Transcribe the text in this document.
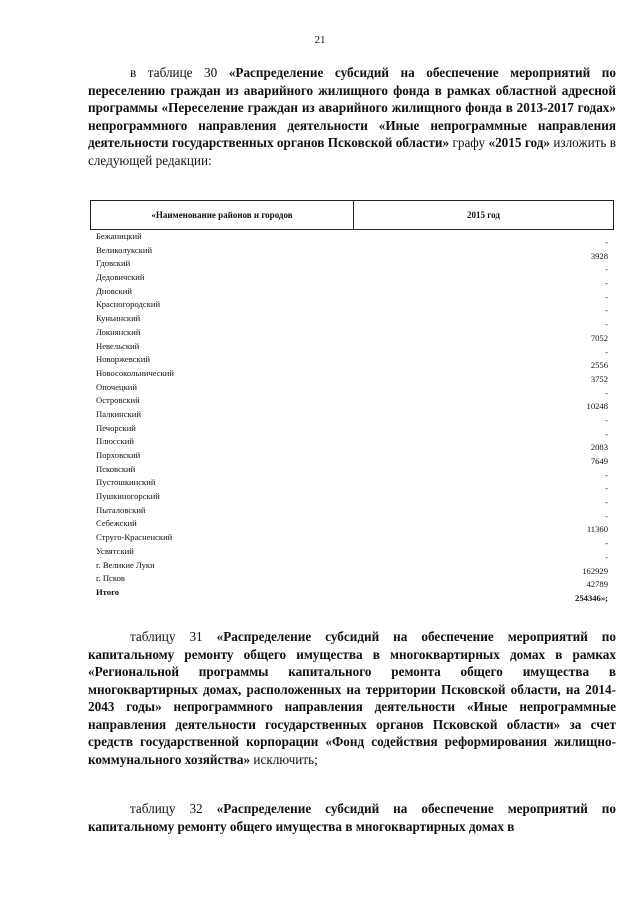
21

в таблице 30 «Распределение субсидий на обеспечение мероприятий по переселению граждан из аварийного жилищного фонда в рамках областной адресной программы «Переселение граждан из аварийного жилищного фонда в 2013-2017 годах» непрограммного направления деятельности «Иные непрограммные направления деятельности государственных органов Псковской области» графу «2015 год» изложить в следующей редакции:

«Наименование районов и городов	2015 год
Бежаницкий
-
Великолукский
3928
Гдовский
-
Дедовичский
-
Дновский
-
Красногородский
-
Куньинский
-
Локнянский
7052
Невельский
-
Новоржевский
2556
Новосокольнический
3752
Опочецкий
-
Островский
10248
Палкинский
-
Печорский
-
Плюсский
2083
Порховский
7649
Псковский
-
Пустошкинский
-
Пушкиногорский
-
Пыталовский
-
Себежский
11360
Струго-Красненский
-
Усвятский
-
г. Великие Луки
162929
г. Псков
42789
Итого
254346»;

таблицу 31 «Распределение субсидий на обеспечение мероприятий по капитальному ремонту общего имущества в многоквартирных домах в рамках «Региональной программы капитального ремонта общего имущества в многоквартирных домах, расположенных на территории Псковской области, на 2014-2043 годы» непрограммного направления деятельности «Иные непрограммные направления деятельности государственных органов Псковской области» за счет средств государственной корпорации «Фонд содействия реформирования жилищно-коммунального хозяйства» исключить;

таблицу 32 «Распределение субсидий на обеспечение мероприятий по капитальному ремонту общего имущества в многоквартирных домах в
